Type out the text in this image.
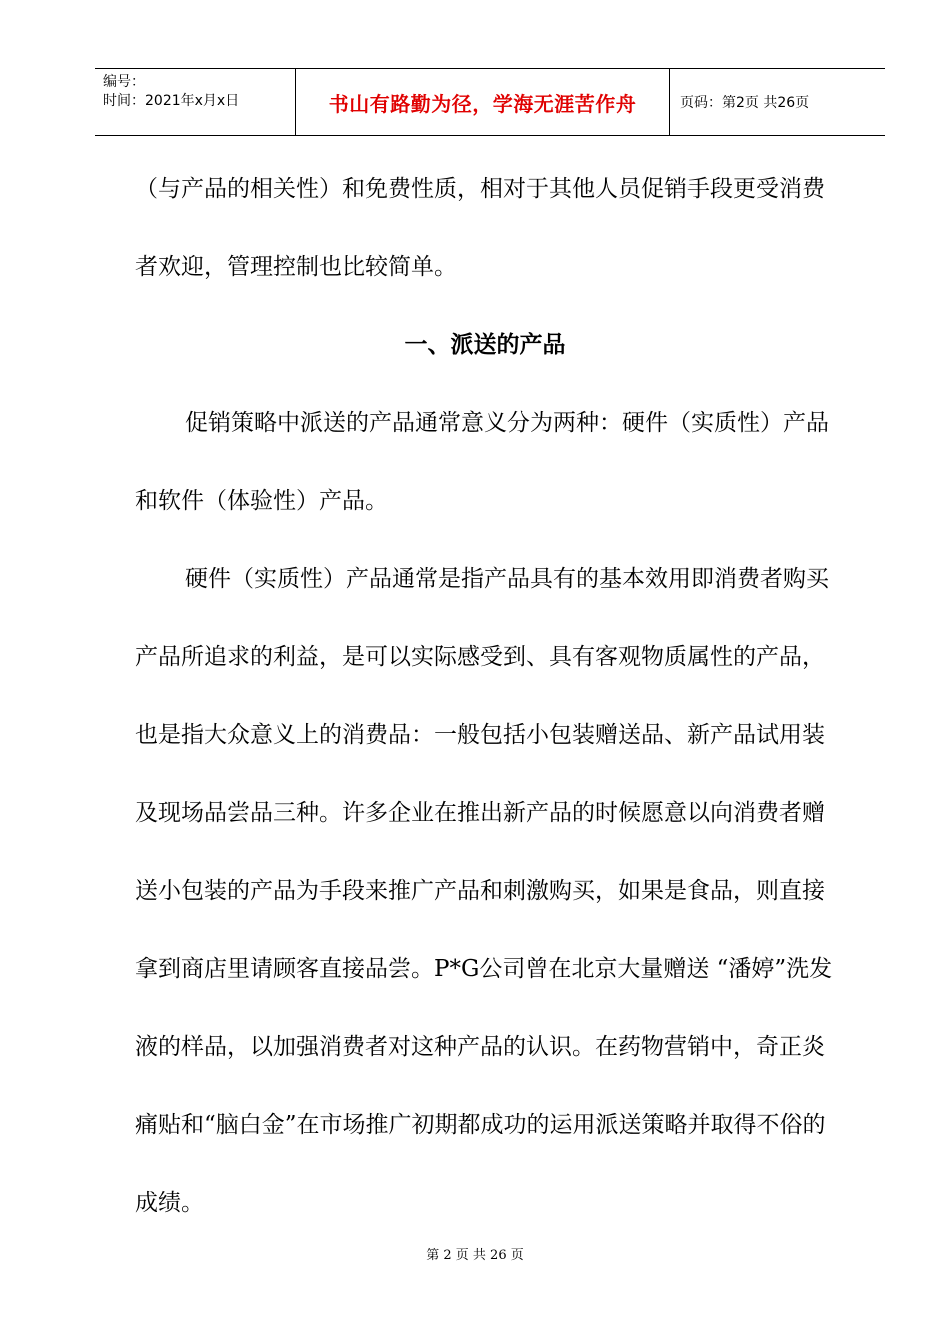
编号：
时间：2021年x月x日	书山有路勤为径，学海无涯苦作舟	页码：第2页 共26页

（与产品的相关性）和免费性质，相对于其他人员促销手段更受消费者欢迎，管理控制也比较简单。

一、派送的产品

促销策略中派送的产品通常意义分为两种：硬件（实质性）产品和软件（体验性）产品。

硬件（实质性）产品通常是指产品具有的基本效用即消费者购买产品所追求的利益，是可以实际感受到、具有客观物质属性的产品，也是指大众意义上的消费品：一般包括小包装赠送品、新产品试用装及现场品尝品三种。许多企业在推出新产品的时候愿意以向消费者赠送小包装的产品为手段来推广产品和刺激购买，如果是食品，则直接拿到商店里请顾客直接品尝。P*G公司曾在北京大量赠送 “潘婷”洗发液的样品，以加强消费者对这种产品的认识。在药物营销中，奇正炎痛贴和“脑白金”在市场推广初期都成功的运用派送策略并取得不俗的成绩。

第 2 页 共 26 页
